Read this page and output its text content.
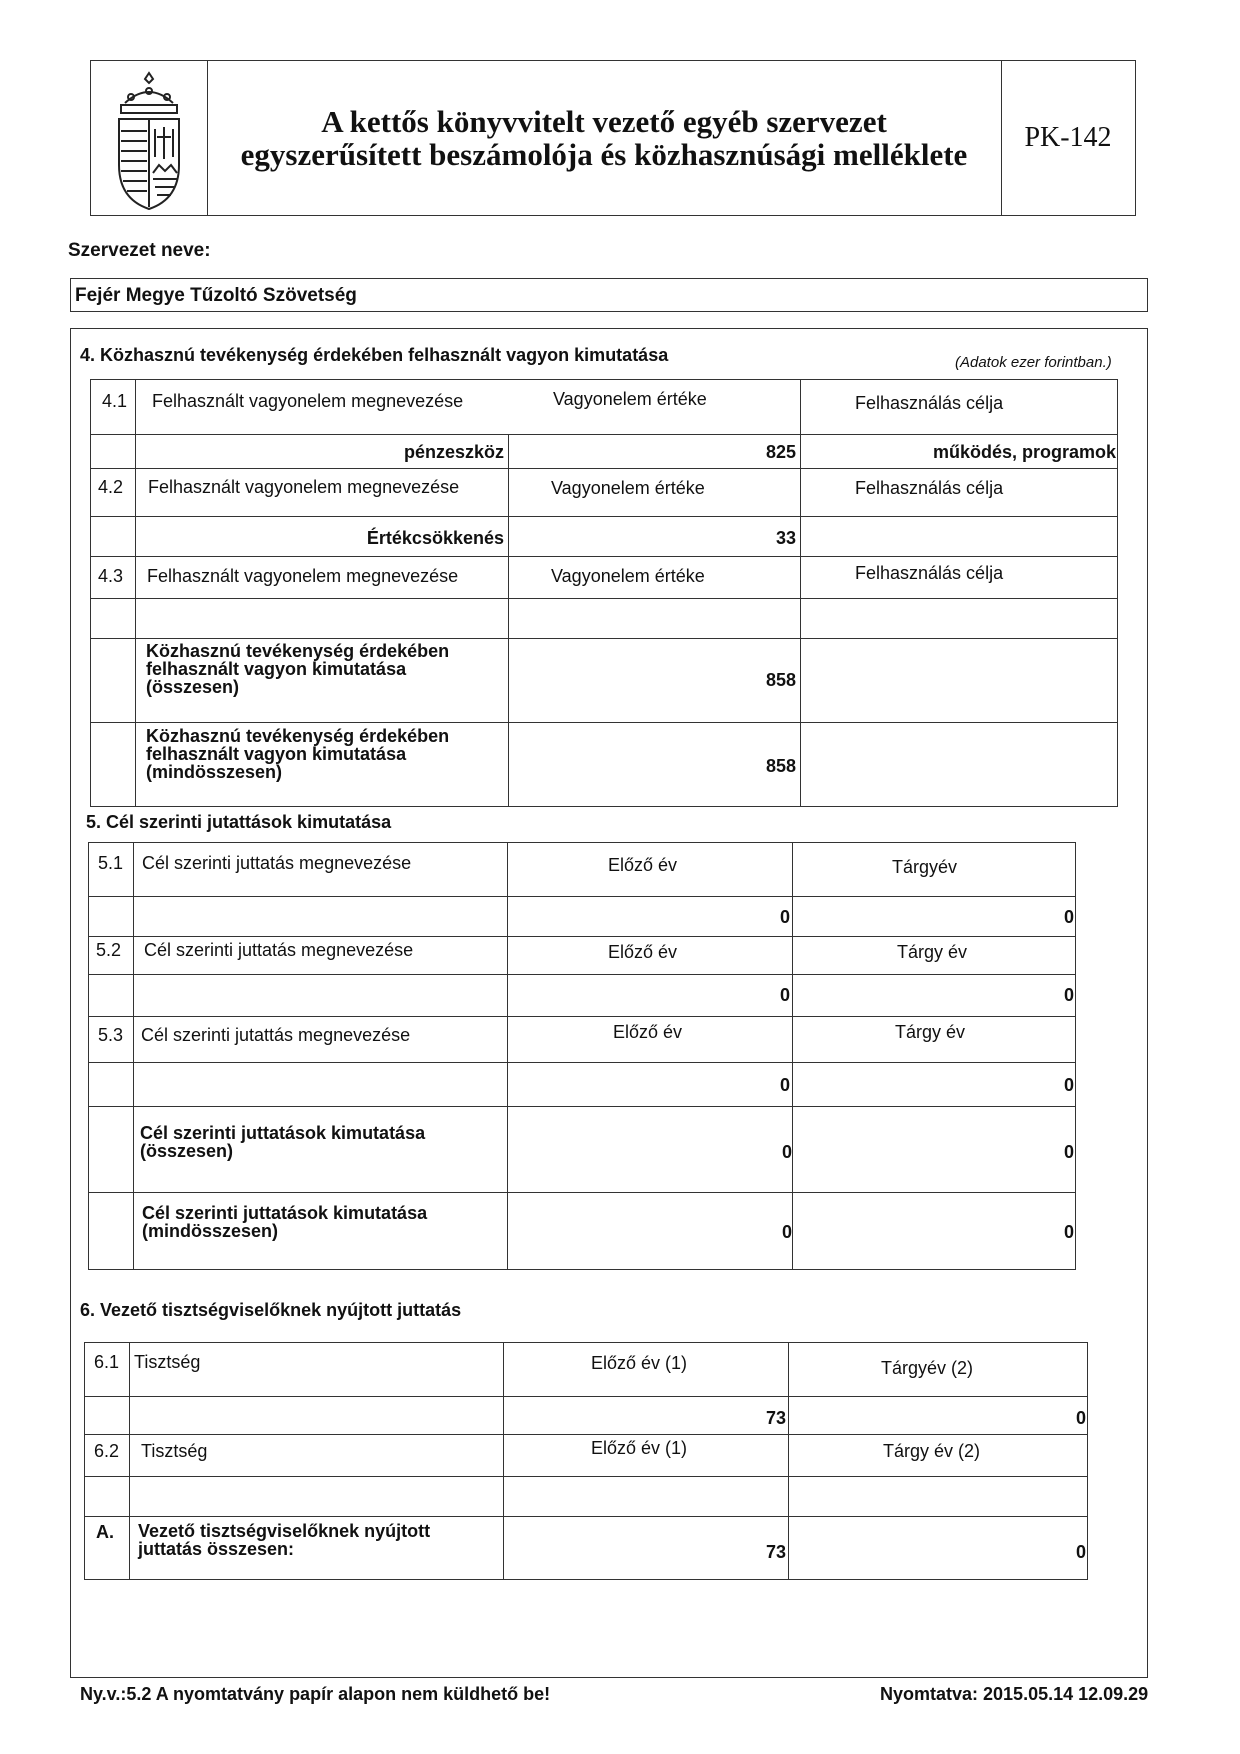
A kettős könyvvitelt vezető egyéb szervezet
egyszerűsített beszámolója és közhasznúsági melléklete	PK-142
Szervezet neve:
Fejér Megye Tűzoltó Szövetség
4. Közhasznú tevékenység érdekében felhasznált vagyon kimutatása	(Adatok ezer forintban.)
4.1 Felhasznált vagyonelem megnevezése	Vagyonelem értéke	Felhasználás célja
pénzeszköz	825	működés, programok
4.2 Felhasznált vagyonelem megnevezése	Vagyonelem értéke	Felhasználás célja
Értékcsökkenés	33
4.3 Felhasznált vagyonelem megnevezése	Vagyonelem értéke	Felhasználás célja
Közhasznú tevékenység érdekében felhasznált vagyon kimutatása (összesen)	858
Közhasznú tevékenység érdekében felhasznált vagyon kimutatása (mindösszesen)	858
5. Cél szerinti jutattások kimutatása
5.1 Cél szerinti juttatás megnevezése	Előző év	Tárgyév
0	0
5.2 Cél szerinti juttatás megnevezése	Előző év	Tárgy év
0	0
5.3 Cél szerinti jutattás megnevezése	Előző év	Tárgy év
0	0
Cél szerinti juttatások kimutatása (összesen)	0	0
Cél szerinti juttatások kimutatása (mindösszesen)	0	0
6. Vezető tisztségviselőknek nyújtott juttatás
6.1 Tisztség	Előző év (1)	Tárgyév (2)
73	0
6.2 Tisztség	Előző év (1)	Tárgy év (2)
A. Vezető tisztségviselőknek nyújtott juttatás összesen:	73	0
Ny.v.:5.2 A nyomtatvány papír alapon nem küldhető be!	Nyomtatva: 2015.05.14 12.09.29
